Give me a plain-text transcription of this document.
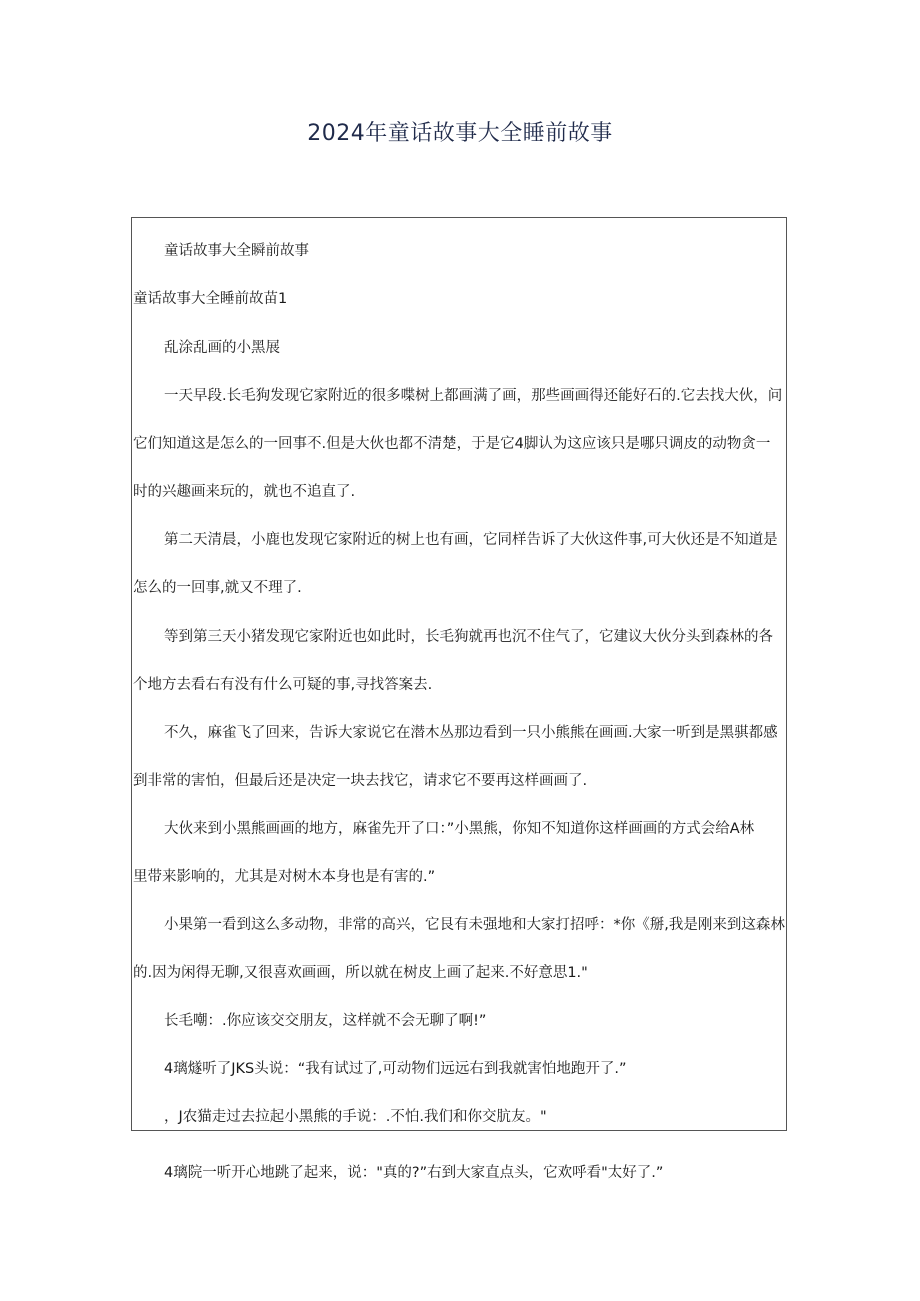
2024年童话故事大全睡前故事
童话故事大全瞬前故事
童话故事大全睡前故苗1
乱涂乱画的小黑展
一天早段.长毛狗发现它家附近的很多喋树上都画满了画，那些画画得还能好石的.它去找大伙，问
它们知道这是怎么的一回事不.但是大伙也都不清楚，于是它4脚认为这应该只是哪只调皮的动物贪一
时的兴趣画来玩的，就也不追直了.
第二天清晨，小鹿也发现它家附近的树上也有画，它同样告诉了大伙这件事,可大伙还是不知道是
怎么的一回事,就又不理了.
等到第三天小猪发现它家附近也如此时，长毛狗就再也沉不住气了，它建议大伙分头到森林的各
个地方去看右有没有什么可疑的事,寻找答案去.
不久，麻雀飞了回来，告诉大家说它在潜木丛那边看到一只小熊熊在画画.大家一听到是黑骐都感
到非常的害怕，但最后还是决定一块去找它，请求它不要再这样画画了.
大伙来到小黑熊画画的地方，麻雀先开了口：”小黑熊，你知不知道你这样画画的方式会给A林
里带来影响的，尤其是对树木本身也是有害的.”
小果第一看到这么多动物，非常的高兴，它艮有未强地和大家打招呼：*你《掰,我是刚来到这森林
的.因为闲得无聊,又很喜欢画画，所以就在树皮上画了起来.不好意思1."
长毛嘲：.你应该交交朋友，这样就不会无聊了啊!”
4璃燧听了JKS头说：“我有试过了,可动物们远远右到我就害怕地跑开了.”
，J农猫走过去拉起小黑熊的手说：.不怕.我们和你交肮友。"
4璃院一听开心地跳了起来，说："真的?”右到大家直点头，它欢呼看"太好了.”
